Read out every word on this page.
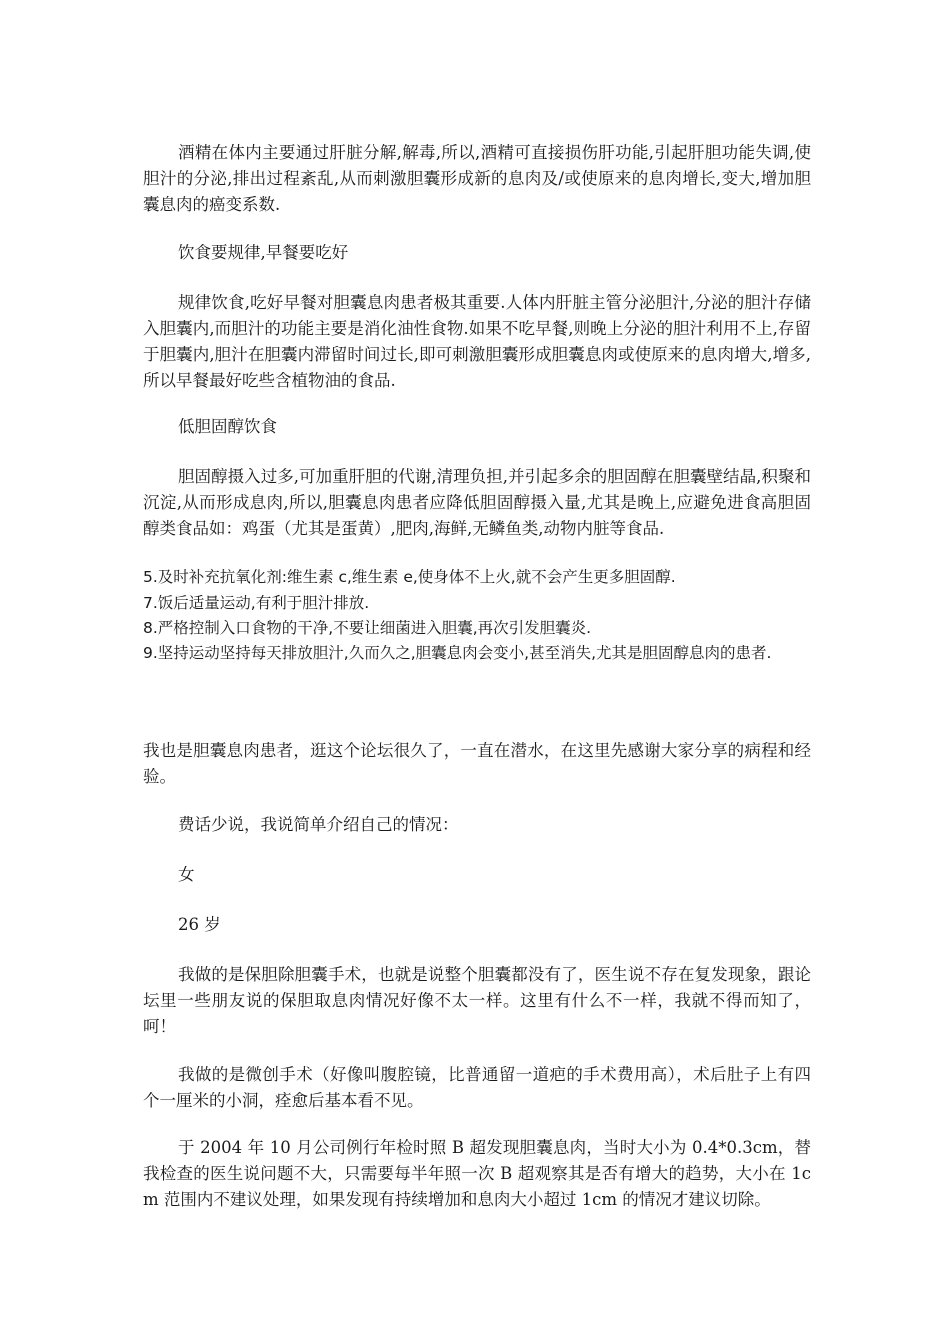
酒精在体内主要通过肝脏分解,解毒,所以,酒精可直接损伤肝功能,引起肝胆功能失调,使胆汁的分泌,排出过程紊乱,从而刺激胆囊形成新的息肉及/或使原来的息肉增长,变大,增加胆囊息肉的癌变系数.

饮食要规律,早餐要吃好

规律饮食,吃好早餐对胆囊息肉患者极其重要.人体内肝脏主管分泌胆汁,分泌的胆汁存储入胆囊内,而胆汁的功能主要是消化油性食物.如果不吃早餐,则晚上分泌的胆汁利用不上,存留于胆囊内,胆汁在胆囊内滞留时间过长,即可刺激胆囊形成胆囊息肉或使原来的息肉增大,增多,所以早餐最好吃些含植物油的食品.

低胆固醇饮食

胆固醇摄入过多,可加重肝胆的代谢,清理负担,并引起多余的胆固醇在胆囊壁结晶,积聚和沉淀,从而形成息肉,所以,胆囊息肉患者应降低胆固醇摄入量,尤其是晚上,应避免进食高胆固醇类食品如：鸡蛋（尤其是蛋黄）,肥肉,海鲜,无鳞鱼类,动物内脏等食品.

5.及时补充抗氧化剂:维生素 c,维生素 e,使身体不上火,就不会产生更多胆固醇.

7.饭后适量运动,有利于胆汁排放.

8.严格控制入口食物的干净,不要让细菌进入胆囊,再次引发胆囊炎.

9.坚持运动坚持每天排放胆汁,久而久之,胆囊息肉会变小,甚至消失,尤其是胆固醇息肉的患者.

我也是胆囊息肉患者，逛这个论坛很久了，一直在潜水，在这里先感谢大家分享的病程和经验。

费话少说，我说简单介绍自己的情况：

女

26 岁

我做的是保胆除胆囊手术，也就是说整个胆囊都没有了，医生说不存在复发现象，跟论坛里一些朋友说的保胆取息肉情况好像不太一样。这里有什么不一样，我就不得而知了，呵！

我做的是微创手术（好像叫腹腔镜，比普通留一道疤的手术费用高），术后肚子上有四个一厘米的小洞，痊愈后基本看不见。

于 2004 年 10 月公司例行年检时照 B 超发现胆囊息肉，当时大小为 0.4*0.3cm，替我检查的医生说问题不大，只需要每半年照一次 B 超观察其是否有增大的趋势，大小在 1cm 范围内不建议处理，如果发现有持续增加和息肉大小超过 1cm 的情况才建议切除。
